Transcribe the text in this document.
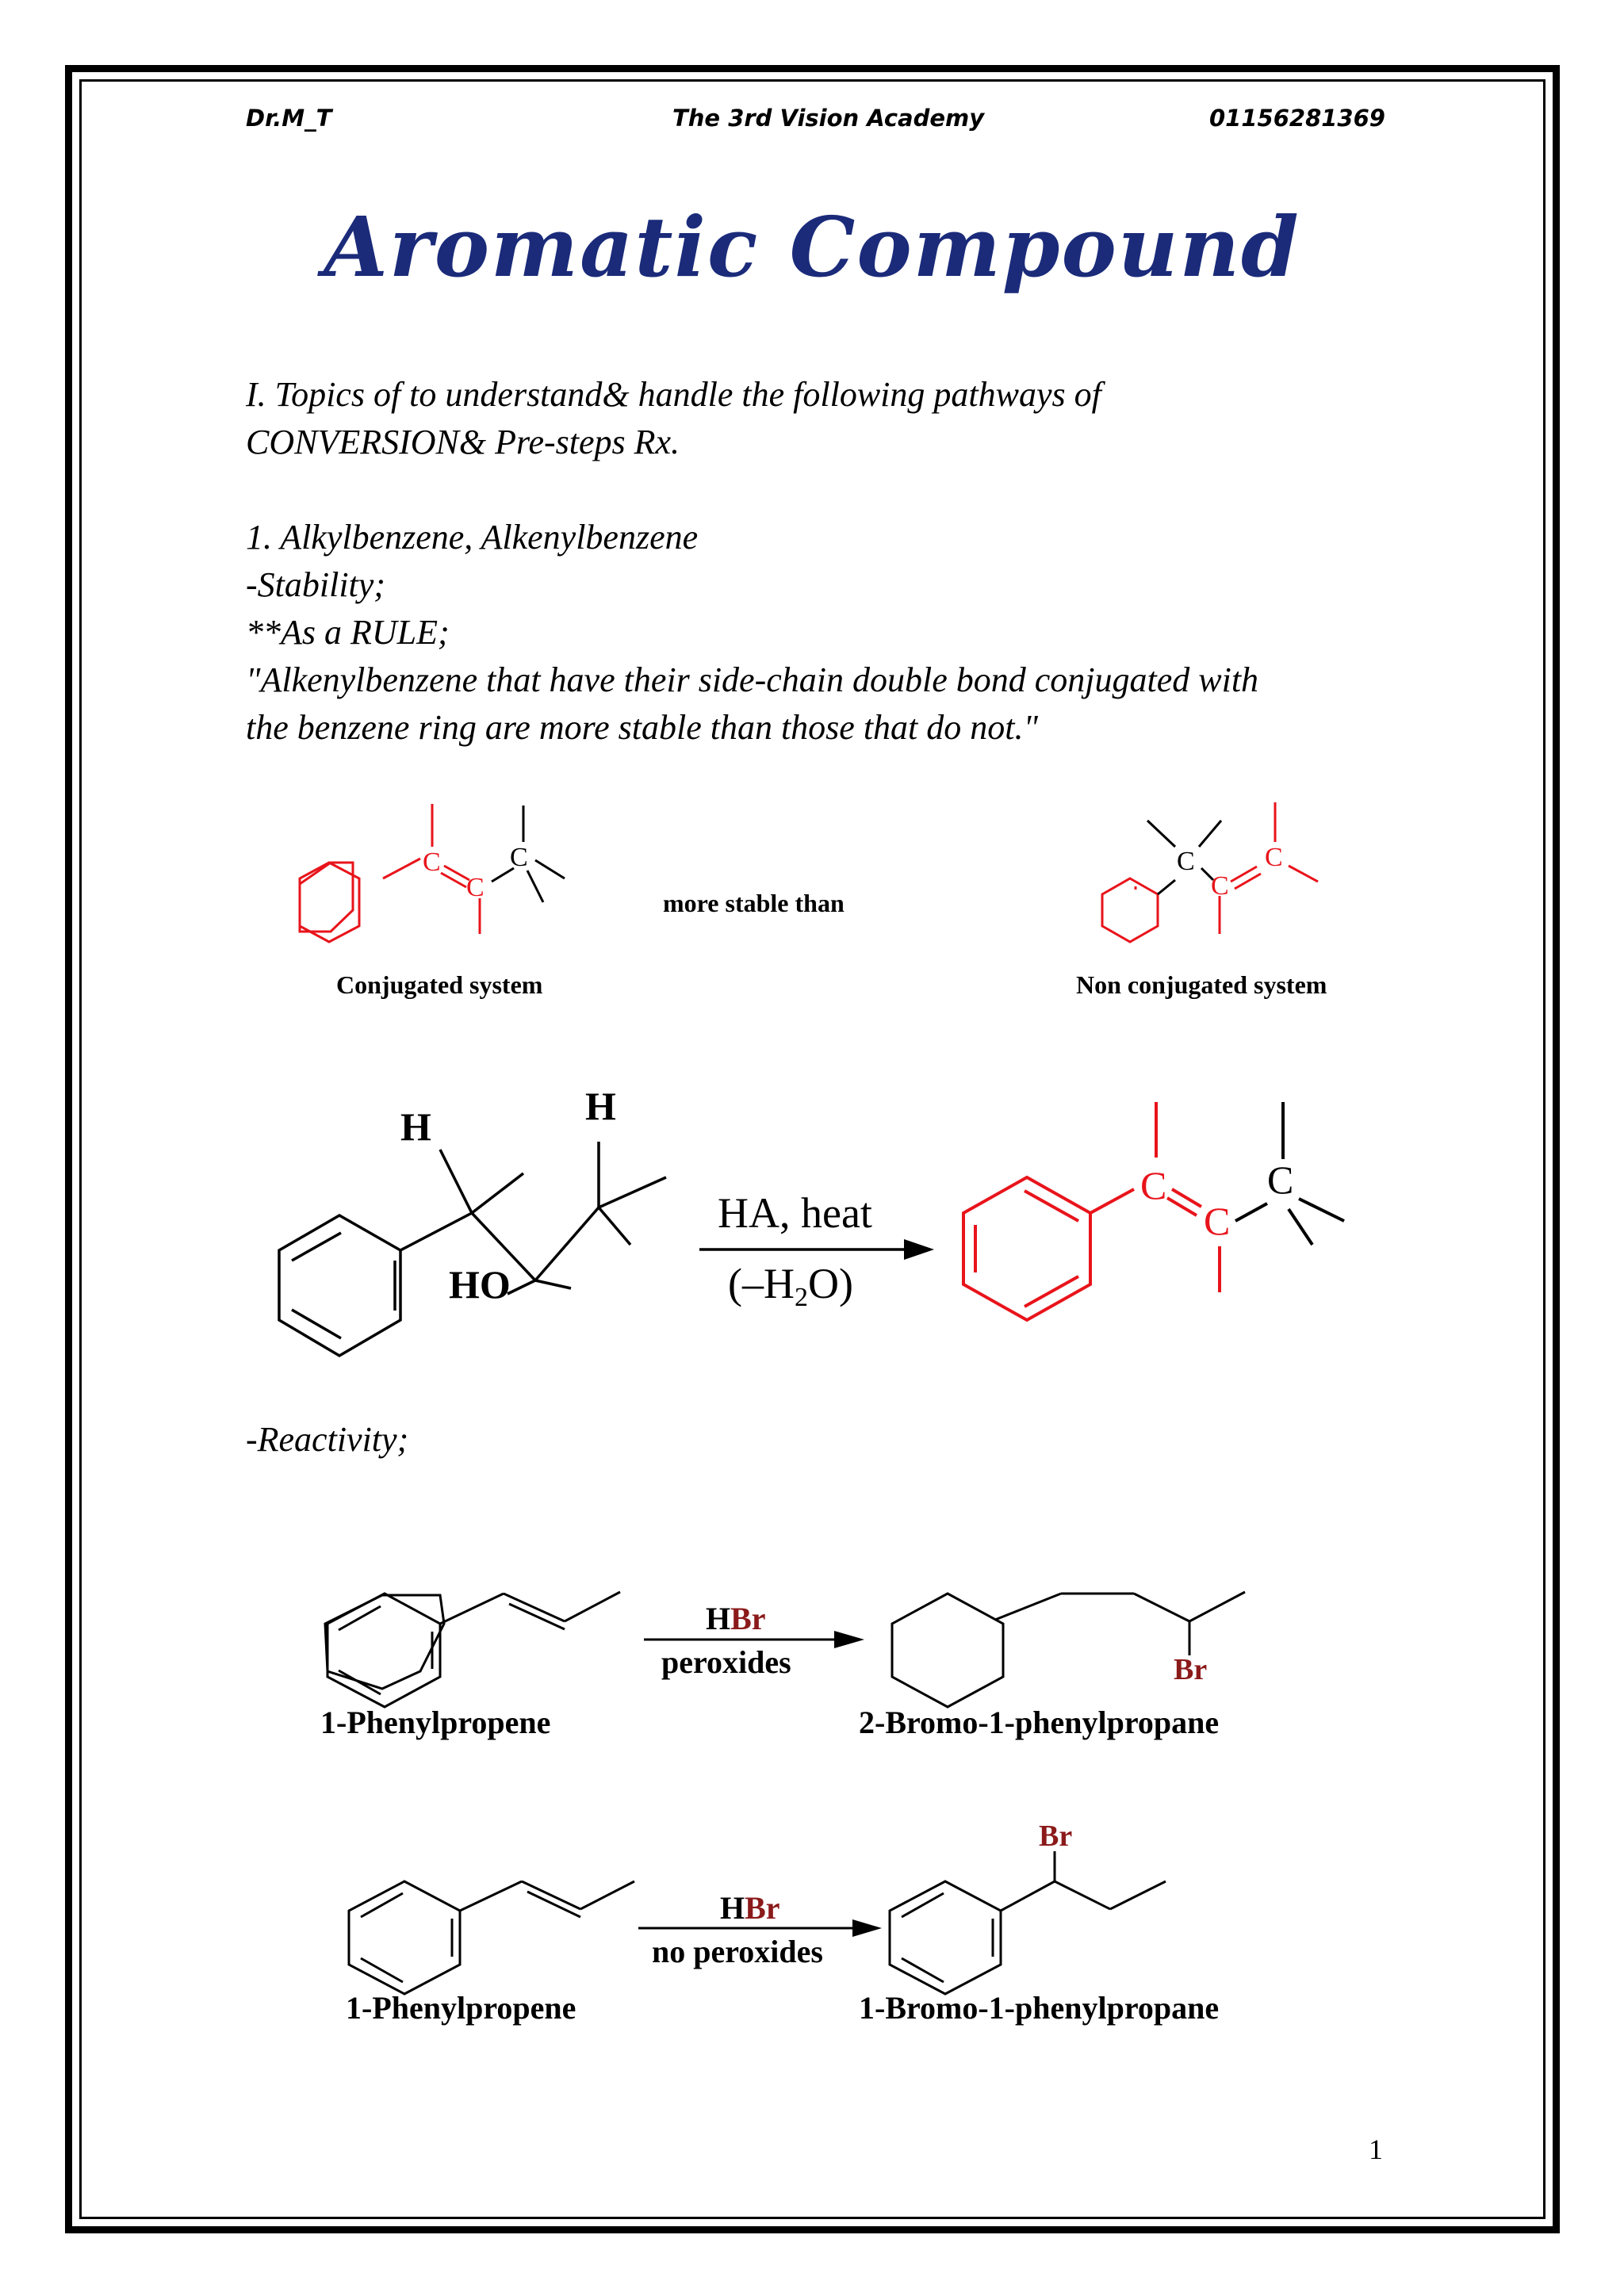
Dr.M_T	The 3rd Vision Academy	01156281369
Aromatic Compound
I. Topics of to understand& handle the following pathways of
CONVERSION& Pre-steps Rx.
1. Alkylbenzene, Alkenylbenzene
-Stability;
**As a RULE;
"Alkenylbenzene that have their side-chain double bond conjugated with
the benzene ring are more stable than those that do not."
C
C
C
Conjugated system
more stable than
C
C
C
Non conjugated system
H	H
HO
HA, heat
(–H2O)
C
C
C
HBr
peroxides	Br
1-Phenylpropene	2-Bromo-1-phenylpropane
HBr
no peroxides
Br
1-Phenylpropene	1-Bromo-1-phenylpropane
-Reactivity;
1
